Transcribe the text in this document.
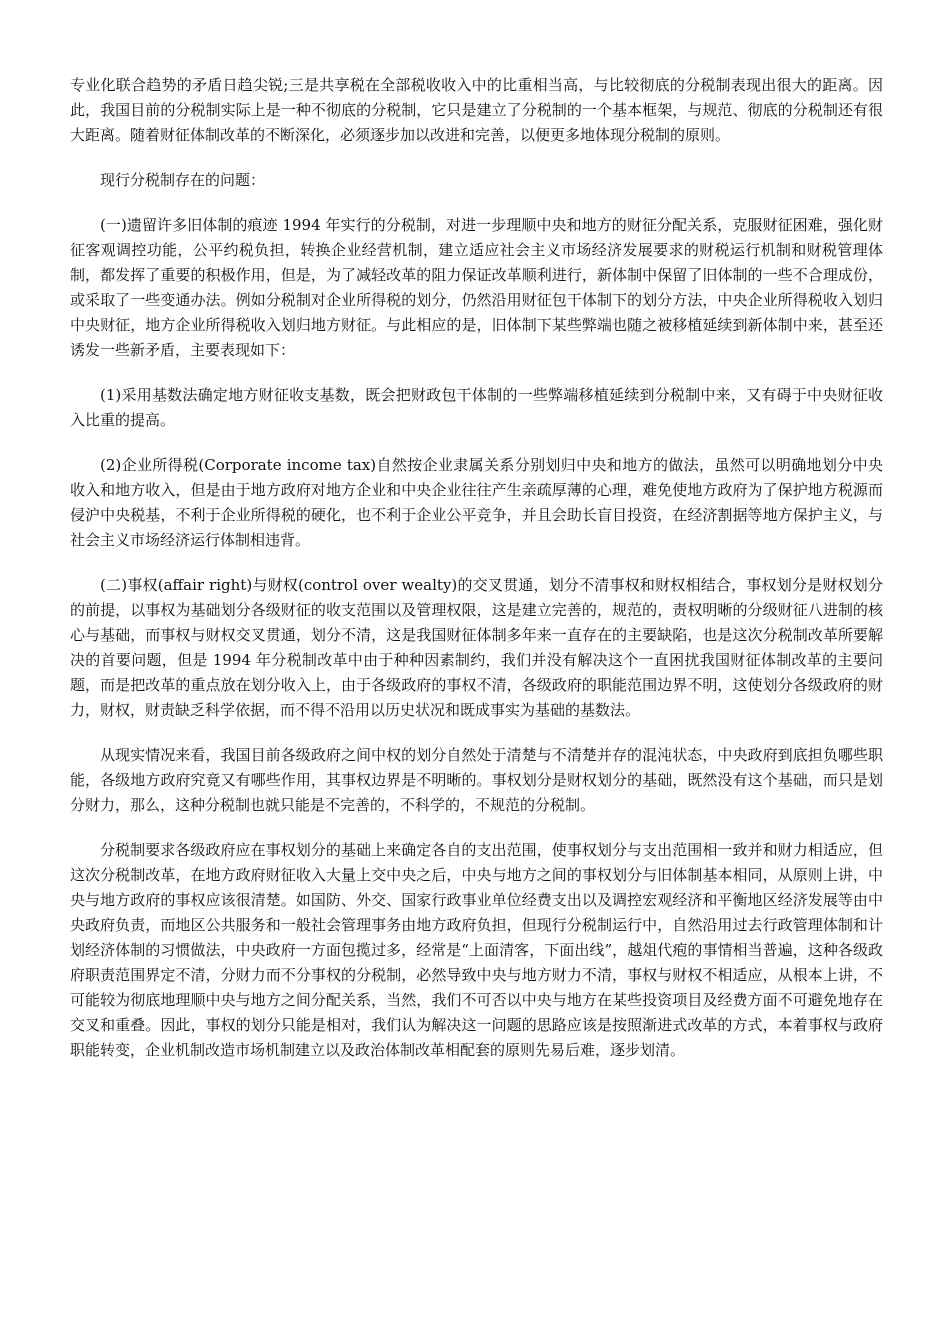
专业化联合趋势的矛盾日趋尖锐;三是共享税在全部税收收入中的比重相当高，与比较彻底的分税制表现出很大的距离。因此，我国目前的分税制实际上是一种不彻底的分税制，它只是建立了分税制的一个基本框架，与规范、彻底的分税制还有很大距离。随着财征体制改革的不断深化，必须逐步加以改进和完善，以便更多地体现分税制的原则。

现行分税制存在的问题：

(一)遗留许多旧体制的痕迹 1994 年实行的分税制，对进一步理顺中央和地方的财征分配关系，克服财征困难，强化财征客观调控功能，公平约税负担，转换企业经营机制，建立适应社会主义市场经济发展要求的财税运行机制和财税管理体制，都发挥了重要的积极作用，但是，为了减轻改革的阻力保证改革顺利进行，新体制中保留了旧体制的一些不合理成份，或采取了一些变通办法。例如分税制对企业所得税的划分，仍然沿用财征包干体制下的划分方法，中央企业所得税收入划归中央财征，地方企业所得税收入划归地方财征。与此相应的是，旧体制下某些弊端也随之被移植延续到新体制中来，甚至还诱发一些新矛盾，主要表现如下：

(1)采用基数法确定地方财征收支基数，既会把财政包干体制的一些弊端移植延续到分税制中来，又有碍于中央财征收入比重的提高。

(2)企业所得税(Corporate income tax)自然按企业隶属关系分别划归中央和地方的做法，虽然可以明确地划分中央收入和地方收入，但是由于地方政府对地方企业和中央企业往往产生亲疏厚薄的心理，难免使地方政府为了保护地方税源而侵沪中央税基，不利于企业所得税的硬化，也不利于企业公平竞争，并且会助长盲目投资，在经济割据等地方保护主义，与社会主义市场经济运行体制相违背。

(二)事权(affair right)与财权(control over wealty)的交叉贯通，划分不清事权和财权相结合，事权划分是财权划分的前提，以事权为基础划分各级财征的收支范围以及管理权限，这是建立完善的，规范的，责权明晰的分级财征八进制的核心与基础，而事权与财权交叉贯通，划分不清，这是我国财征体制多年来一直存在的主要缺陷，也是这次分税制改革所要解决的首要问题，但是 1994 年分税制改革中由于种种因素制约，我们并没有解决这个一直困扰我国财征体制改革的主要问题，而是把改革的重点放在划分收入上，由于各级政府的事权不清，各级政府的职能范围边界不明，这使划分各级政府的财力，财权，财责缺乏科学依据，而不得不沿用以历史状况和既成事实为基础的基数法。

从现实情况来看，我国目前各级政府之间中权的划分自然处于清楚与不清楚并存的混沌状态，中央政府到底担负哪些职能，各级地方政府究竟又有哪些作用，其事权边界是不明晰的。事权划分是财权划分的基础，既然没有这个基础，而只是划分财力，那么，这种分税制也就只能是不完善的，不科学的，不规范的分税制。

分税制要求各级政府应在事权划分的基础上来确定各自的支出范围，使事权划分与支出范围相一致并和财力相适应，但这次分税制改革，在地方政府财征收入大量上交中央之后，中央与地方之间的事权划分与旧体制基本相同，从原则上讲，中央与地方政府的事权应该很清楚。如国防、外交、国家行政事业单位经费支出以及调控宏观经济和平衡地区经济发展等由中央政府负责，而地区公共服务和一般社会管理事务由地方政府负担，但现行分税制运行中，自然沿用过去行政管理体制和计划经济体制的习惯做法，中央政府一方面包揽过多，经常是“上面清客，下面出线”，越俎代疱的事情相当普遍，这种各级政府职责范围界定不清，分财力而不分事权的分税制，必然导致中央与地方财力不清，事权与财权不相适应，从根本上讲，不可能较为彻底地理顺中央与地方之间分配关系，当然，我们不可否以中央与地方在某些投资项目及经费方面不可避免地存在交叉和重叠。因此，事权的划分只能是相对，我们认为解决这一问题的思路应该是按照渐进式改革的方式，本着事权与政府职能转变，企业机制改造市场机制建立以及政治体制改革相配套的原则先易后难，逐步划清。
